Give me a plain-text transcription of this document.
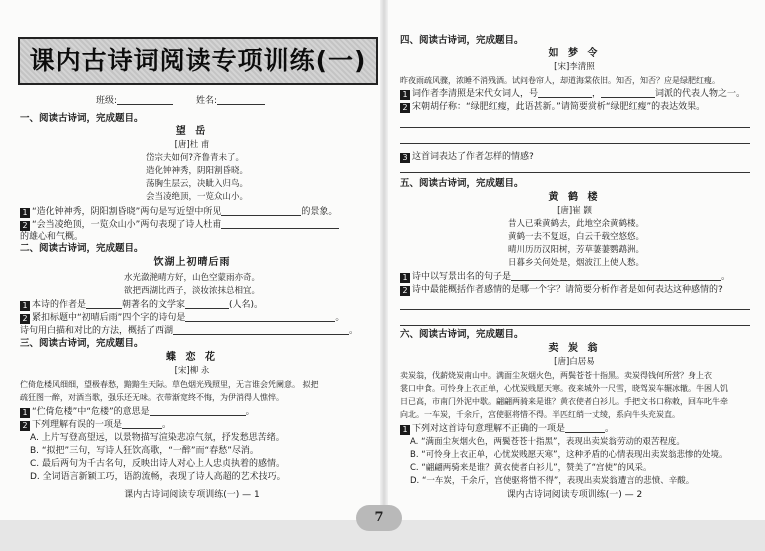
课内古诗词阅读专项训练(一)
班级:	姓名:
一、阅读古诗词，完成题目。
望 岳
[唐]杜 甫
岱宗夫如何?齐鲁青未了。
造化钟神秀，阴阳割昏晓。
荡胸生层云，决眦入归鸟。
会当凌绝顶，一览众山小。
1 “造化钟神秀，阴阳割昏晓”两句是写近望中所见	的景象。
2 “会当凌绝顶，一览众山小”两句表现了诗人杜甫
的雄心和气概。
二、阅读古诗词，完成题目。
饮湖上初晴后雨
水光潋滟晴方好，山色空蒙雨亦奇。
欲把西湖比西子，淡妆浓抹总相宜。
1 本诗的作者是	朝著名的文学家	(人名)。
2 紧扣标题中“初晴后雨”四个字的诗句是	。
诗句用白描和对比的方法，概括了西湖	。
三、阅读古诗词，完成题目。
蝶 恋 花
[宋]柳 永
伫倚危楼风细细，望极春愁，黯黯生天际。草色烟光残照里，无言谁会凭阑意。 拟把
疏狂图一醉，对酒当歌，强乐还无味。衣带渐宽终不悔，为伊消得人憔悴。
1 “伫倚危楼”中“危楼”的意思是	。
2 下列理解有误的一项是	。
A. 上片写登高望远，以景物描写渲染悲凉气氛，抒发愁思苦绪。
B. “拟把”三句，写诗人狂饮高歌，“一醉”而“春愁”尽消。
C. 最后两句为千古名句，反映出诗人对心上人忠贞执着的感情。
D. 全词语言新颖工巧，语韵流畅，表现了诗人高超的艺术技巧。
课内古诗词阅读专项训练(一) — 1
四、阅读古诗词，完成题目。
如 梦 令
[宋]李清照
昨夜雨疏风骤，浓睡不消残酒。试问卷帘人，却道海棠依旧。知否，知否？应是绿肥红瘦。
1 词作者李清照是宋代女词人，号	，	词派的代表人物之一。
2 宋朝胡仔称：“绿肥红瘦，此语甚新。”请简要赏析“绿肥红瘦”的表达效果。
3 这首词表达了作者怎样的情感?
五、阅读古诗词，完成题目。
黄 鹤 楼
[唐]崔 颢
昔人已乘黄鹤去，此地空余黄鹤楼。
黄鹤一去不复返，白云千载空悠悠。
晴川历历汉阳树，芳草萋萋鹦鹉洲。
日暮乡关何处是，烟波江上使人愁。
1 诗中以写景出名的句子是	。
2 诗中最能概括作者感情的是哪一个字？请简要分析作者是如何表达这种感情的?
六、阅读古诗词，完成题目。
卖 炭 翁
[唐]白居易
卖炭翁，伐薪烧炭南山中。满面尘灰烟火色，两鬓苍苍十指黑。卖炭得钱何所营？身上衣
裳口中食。可怜身上衣正单，心忧炭贱愿天寒。夜来城外一尺雪，晓驾炭车辗冰辙。牛困人饥
日已高，市南门外泥中歇。翩翩两骑来是谁？黄衣使者白衫儿。手把文书口称敕，回车叱牛牵
向北。一车炭，千余斤，宫使驱将惜不得。半匹红绡一丈绫，系向牛头充炭直。
1 下列对这首诗句意理解不正确的一项是	。
A. “满面尘灰烟火色，两鬓苍苍十指黑”，表现出卖炭翁劳动的艰苦程度。
B. “可怜身上衣正单，心忧炭贱愿天寒”，这种矛盾的心情表现出卖炭翁悲惨的处境。
C. “翩翩两骑来是谁？黄衣使者白衫儿”，赞美了“宫使”的风采。
D. “一车炭，千余斤，宫使驱将惜不得”，表现出卖炭翁遭言的悲愤、辛酸。
课内古诗词阅读专项训练(一) — 2
7
